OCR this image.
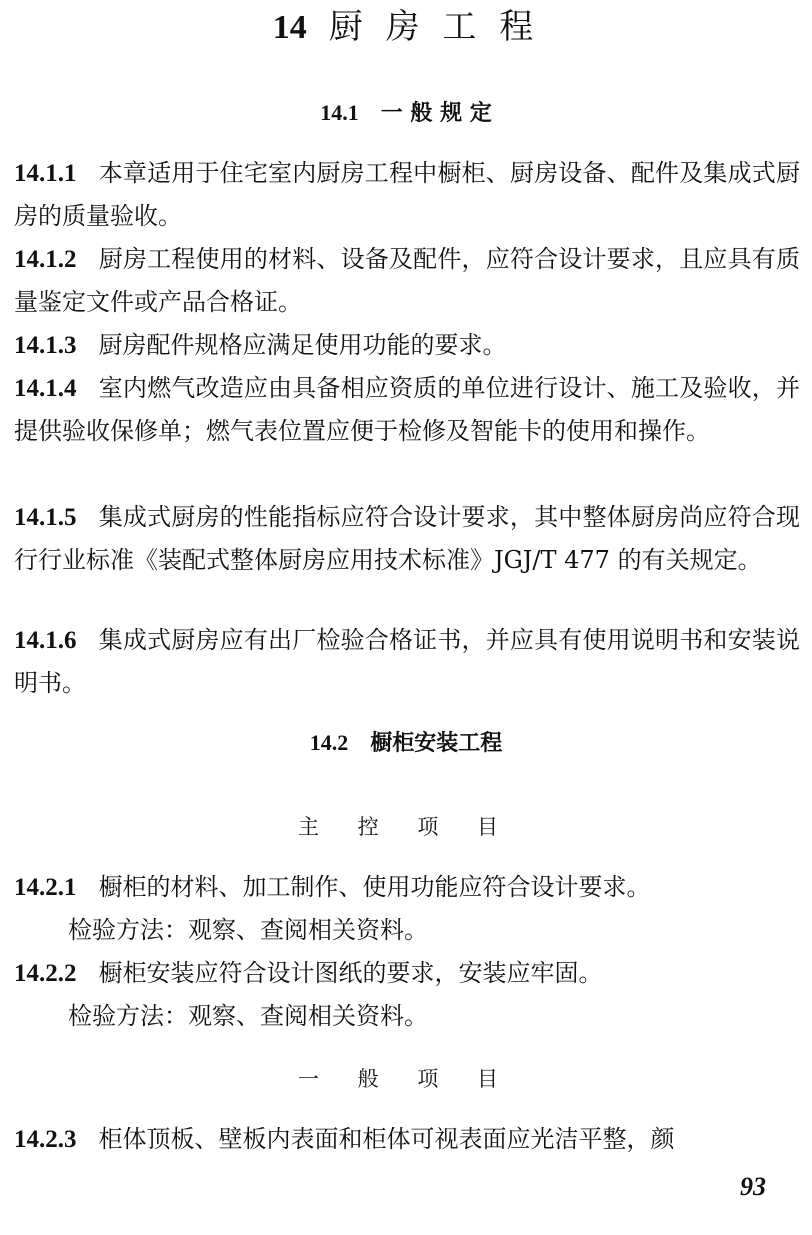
14 厨 房 工 程
14.1 一 般 规 定
14.1.1 本章适用于住宅室内厨房工程中橱柜、厨房设备、配件及集成式厨房的质量验收。
14.1.2 厨房工程使用的材料、设备及配件，应符合设计要求，且应具有质量鉴定文件或产品合格证。
14.1.3 厨房配件规格应满足使用功能的要求。
14.1.4 室内燃气改造应由具备相应资质的单位进行设计、施工及验收，并提供验收保修单；燃气表位置应便于检修及智能卡的使用和操作。
14.1.5 集成式厨房的性能指标应符合设计要求，其中整体厨房尚应符合现行行业标准《装配式整体厨房应用技术标准》JGJ/T 477 的有关规定。
14.1.6 集成式厨房应有出厂检验合格证书，并应具有使用说明书和安装说明书。
14.2 橱柜安装工程
主 控 项 目
14.2.1 橱柜的材料、加工制作、使用功能应符合设计要求。
检验方法：观察、查阅相关资料。
14.2.2 橱柜安装应符合设计图纸的要求，安装应牢固。
检验方法：观察、查阅相关资料。
一 般 项 目
14.2.3 柜体顶板、壁板内表面和柜体可视表面应光洁平整，颜
93
